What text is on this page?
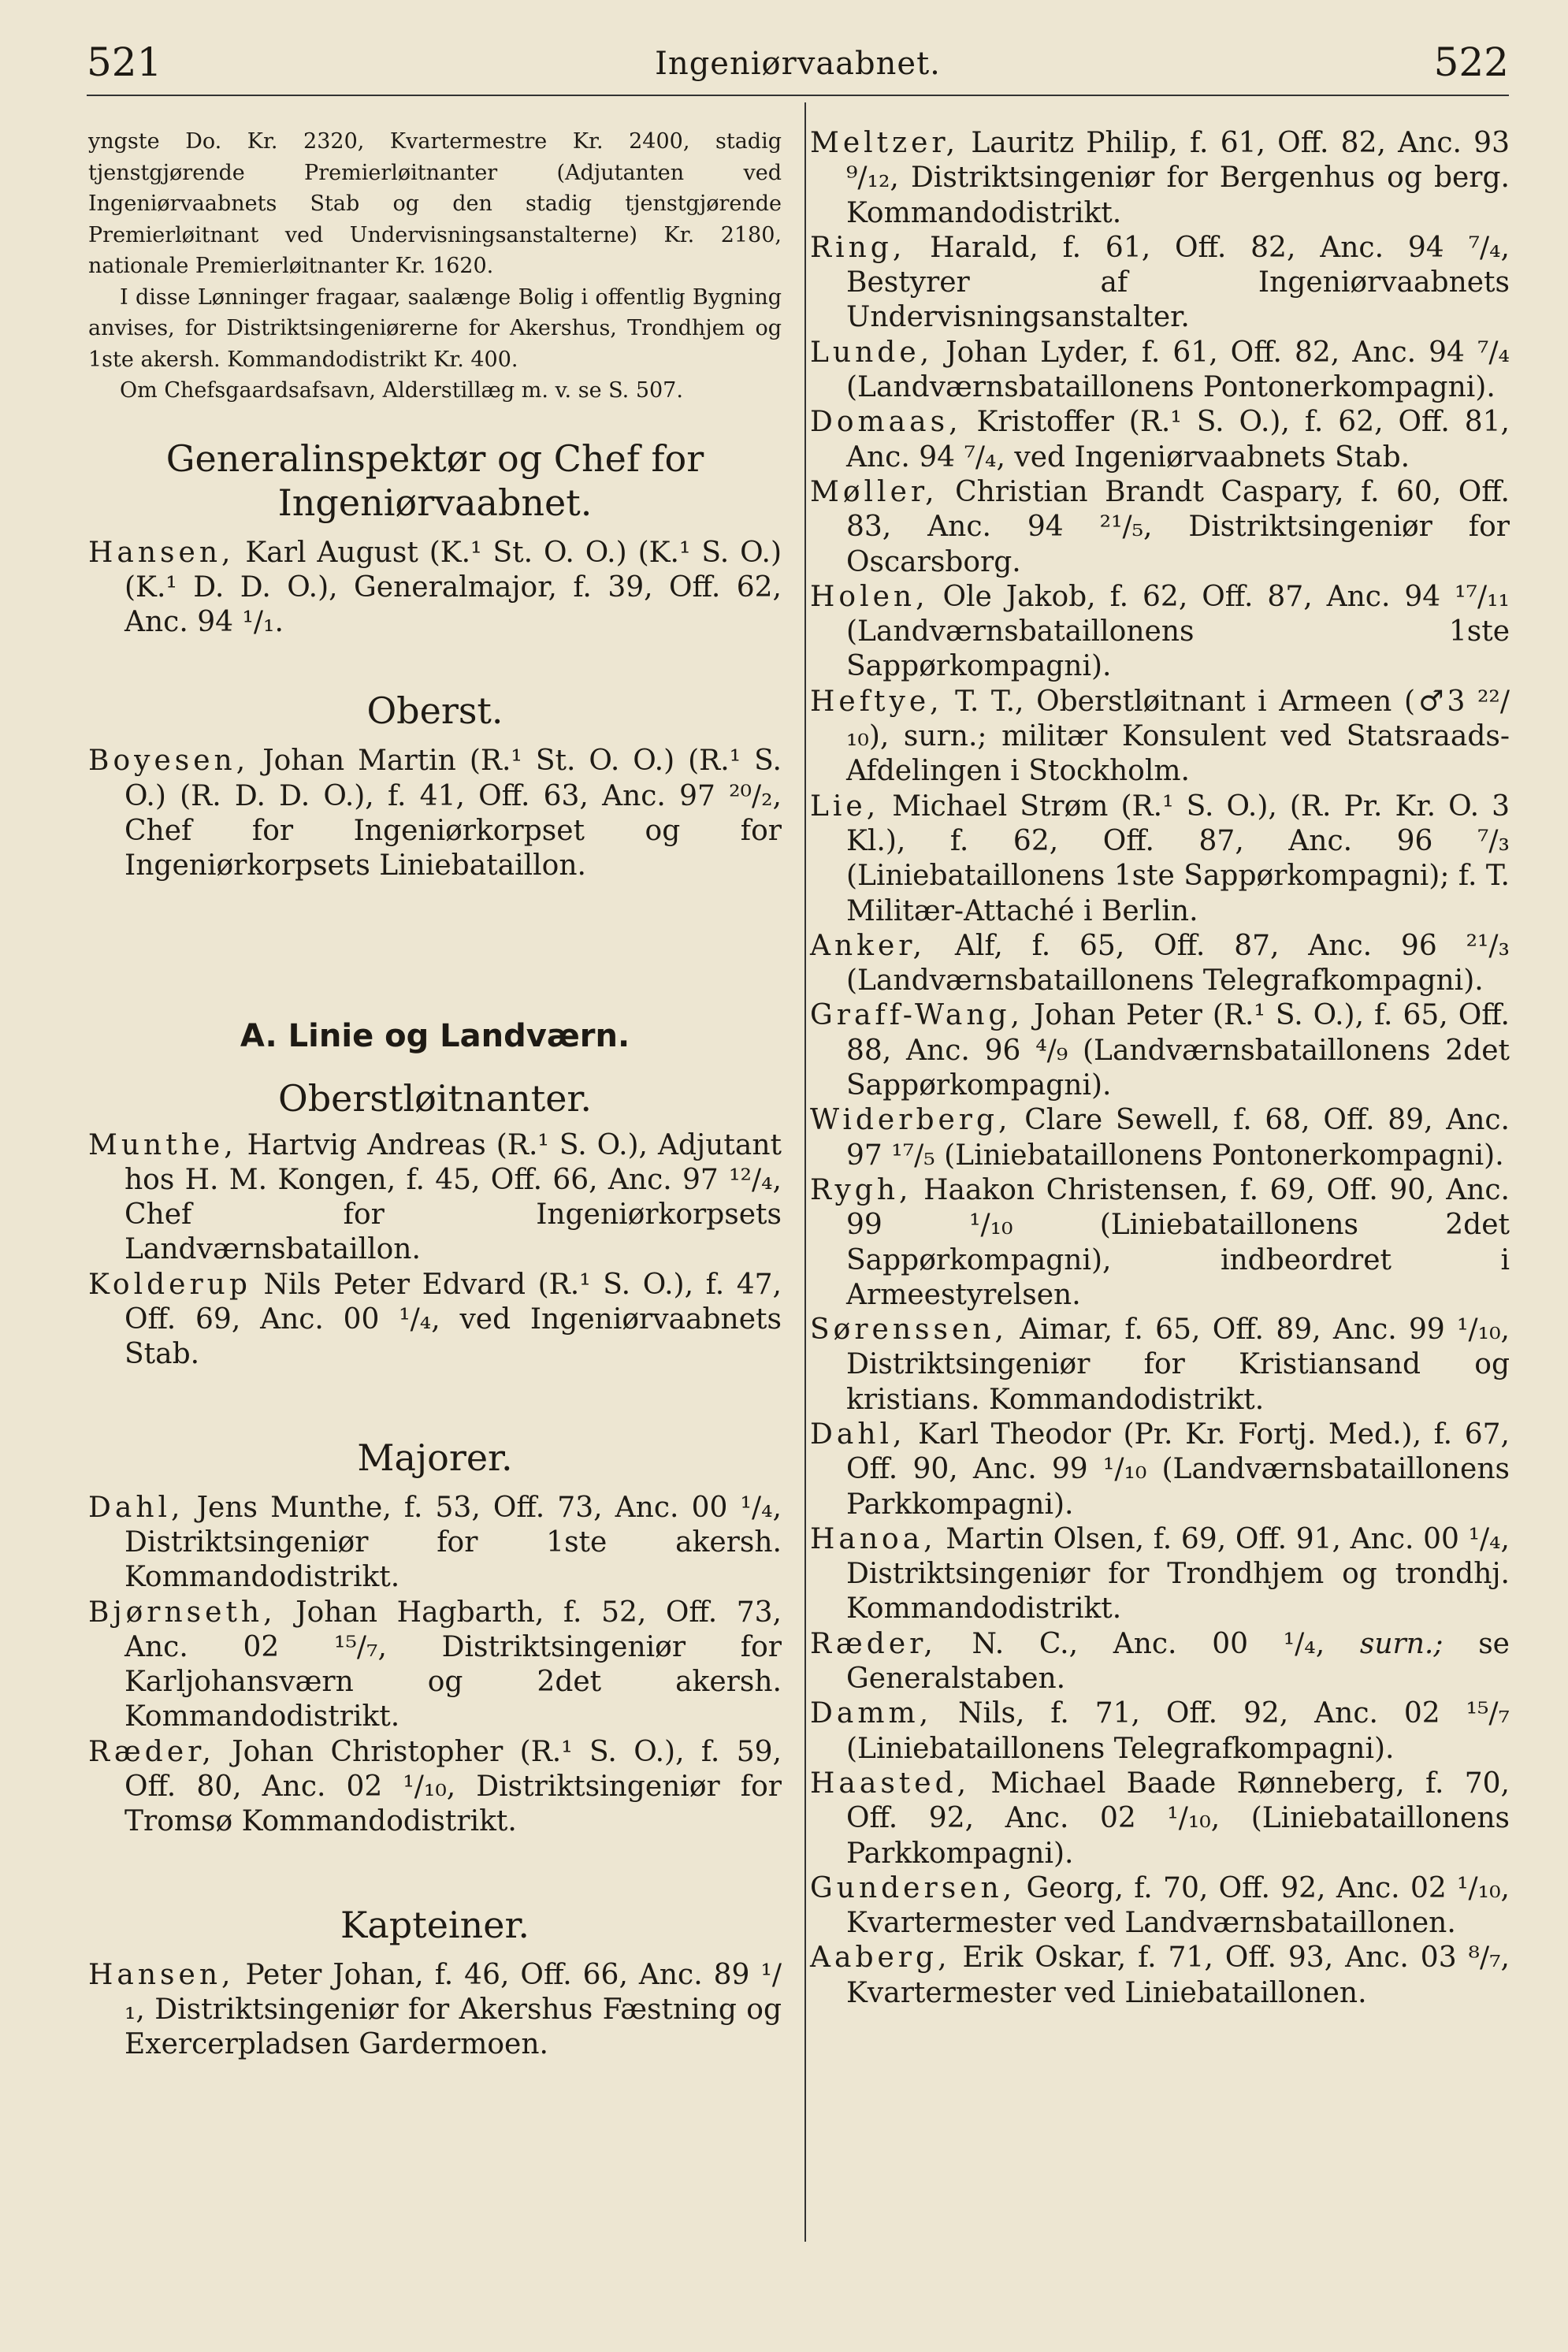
521	Ingeniørvaabnet.	522

yngste Do. Kr. 2320, Kvartermestre Kr. 2400, stadig tjenstgjørende Premierløitnanter (Adjutanten ved Ingeniørvaabnets Stab og den stadig tjenstgjørende Premierløitnant ved Undervisningsanstalterne) Kr. 2180, nationale Premierløitnanter Kr. 1620.

I disse Lønninger fragaar, saalænge Bolig i offentlig Bygning anvises, for Distriktsingeniørerne for Akershus, Trondhjem og 1ste akersh. Kommandodistrikt Kr. 400.

Om Chefsgaardsafsavn, Alderstillæg m. v. se S. 507.

Generalinspektør og Chef for

Ingeniørvaabnet.

Hansen, Karl August (K.¹ St. O. O.) (K.¹ S. O.) (K.¹ D. D. O.), Generalmajor, f. 39, Off. 62, Anc. 94 ¹/₁.

Oberst.

Boyesen, Johan Martin (R.¹ St. O. O.) (R.¹ S. O.) (R. D. D. O.), f. 41, Off. 63, Anc. 97 ²⁰/₂, Chef for Ingeniørkorpset og for Ingeniørkorpsets Liniebataillon.

A. Linie og Landværn.

Oberstløitnanter.

Munthe, Hartvig Andreas (R.¹ S. O.), Adjutant hos H. M. Kongen, f. 45, Off. 66, Anc. 97 ¹²/₄, Chef for Ingeniørkorpsets Landværnsbataillon.

Kolderup Nils Peter Edvard (R.¹ S. O.), f. 47, Off. 69, Anc. 00 ¹/₄, ved Ingeniørvaabnets Stab.

Majorer.

Dahl, Jens Munthe, f. 53, Off. 73, Anc. 00 ¹/₄, Distriktsingeniør for 1ste akersh. Kommandodistrikt.

Bjørnseth, Johan Hagbarth, f. 52, Off. 73, Anc. 02 ¹⁵/₇, Distriktsingeniør for Karljohansværn og 2det akersh. Kommandodistrikt.

Ræder, Johan Christopher (R.¹ S. O.), f. 59, Off. 80, Anc. 02 ¹/₁₀, Distriktsingeniør for Tromsø Kommandodistrikt.

Kapteiner.

Hansen, Peter Johan, f. 46, Off. 66, Anc. 89 ¹/₁, Distriktsingeniør for Akershus Fæstning og Exercerpladsen Gardermoen.

Meltzer, Lauritz Philip, f. 61, Off. 82, Anc. 93 ⁹/₁₂, Distriktsingeniør for Bergenhus og berg. Kommandodistrikt.

Ring, Harald, f. 61, Off. 82, Anc. 94 ⁷/₄, Bestyrer af Ingeniørvaabnets Undervisningsanstalter.

Lunde, Johan Lyder, f. 61, Off. 82, Anc. 94 ⁷/₄ (Landværnsbataillonens Pontonerkompagni).

Domaas, Kristoffer (R.¹ S. O.), f. 62, Off. 81, Anc. 94 ⁷/₄, ved Ingeniørvaabnets Stab.

Møller, Christian Brandt Caspary, f. 60, Off. 83, Anc. 94 ²¹/₅, Distriktsingeniør for Oscarsborg.

Holen, Ole Jakob, f. 62, Off. 87, Anc. 94 ¹⁷/₁₁ (Landværnsbataillonens 1ste Sappørkompagni).

Heftye, T. T., Oberstløitnant i Armeen (♂3 ²²/₁₀), surn.; militær Konsulent ved Statsraads-Afdelingen i Stockholm.

Lie, Michael Strøm (R.¹ S. O.), (R. Pr. Kr. O. 3 Kl.), f. 62, Off. 87, Anc. 96 ⁷/₃ (Liniebataillonens 1ste Sappørkompagni); f. T. Militær-Attaché i Berlin.

Anker, Alf, f. 65, Off. 87, Anc. 96 ²¹/₃ (Landværnsbataillonens Telegrafkompagni).

Graff-Wang, Johan Peter (R.¹ S. O.), f. 65, Off. 88, Anc. 96 ⁴/₉ (Landværnsbataillonens 2det Sappørkompagni).

Widerberg, Clare Sewell, f. 68, Off. 89, Anc. 97 ¹⁷/₅ (Liniebataillonens Pontonerkompagni).

Rygh, Haakon Christensen, f. 69, Off. 90, Anc. 99 ¹/₁₀ (Liniebataillonens 2det Sappørkompagni), indbeordret i Armeestyrelsen.

Sørenssen, Aimar, f. 65, Off. 89, Anc. 99 ¹/₁₀, Distriktsingeniør for Kristiansand og kristians. Kommandodistrikt.

Dahl, Karl Theodor (Pr. Kr. Fortj. Med.), f. 67, Off. 90, Anc. 99 ¹/₁₀ (Landværnsbataillonens Parkkompagni).

Hanoa, Martin Olsen, f. 69, Off. 91, Anc. 00 ¹/₄, Distriktsingeniør for Trondhjem og trondhj. Kommandodistrikt.

Ræder, N. C., Anc. 00 ¹/₄, surn.; se Generalstaben.

Damm, Nils, f. 71, Off. 92, Anc. 02 ¹⁵/₇ (Liniebataillonens Telegrafkompagni).

Haasted, Michael Baade Rønneberg, f. 70, Off. 92, Anc. 02 ¹/₁₀, (Liniebataillonens Parkkompagni).

Gundersen, Georg, f. 70, Off. 92, Anc. 02 ¹/₁₀, Kvartermester ved Landværnsbataillonen.

Aaberg, Erik Oskar, f. 71, Off. 93, Anc. 03 ⁸/₇, Kvartermester ved Liniebataillonen.
